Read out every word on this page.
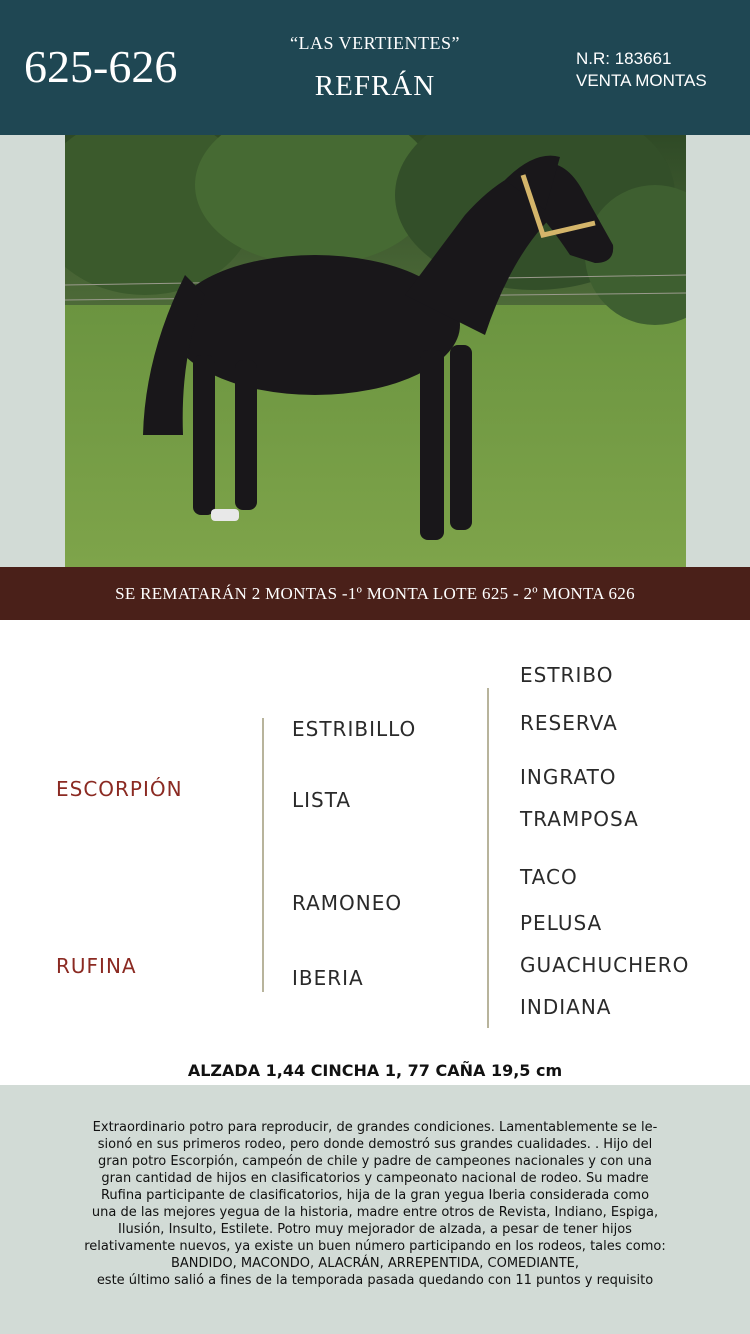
625-626	“LAS VERTIENTES”
REFRÁN
N.R: 183661
VENTA MONTAS
SE REMATARÁN 2 MONTAS -1º MONTA LOTE 625 - 2º MONTA 626
ESCORPIÓN
RUFINA
ESTRIBILLO
LISTA
RAMONEO
IBERIA
ESTRIBO
RESERVA
INGRATO
TRAMPOSA
TACO
PELUSA
GUACHUCHERO
INDIANA
ALZADA 1,44 CINCHA 1, 77 CAÑA 19,5 cm
Extraordinario potro para reproducir, de grandes condiciones. Lamentablemente se le-
sionó en sus primeros rodeo, pero donde demostró sus grandes cualidades. . Hijo del
gran potro Escorpión, campeón de chile y padre de campeones nacionales y con una
gran cantidad de hijos en clasificatorios y campeonato nacional de rodeo. Su madre
Rufina participante de clasificatorios, hija de la gran yegua Iberia considerada como
una de las mejores yegua de la historia, madre entre otros de Revista, Indiano, Espiga,
Ilusión, Insulto, Estilete. Potro muy mejorador de alzada, a pesar de tener hijos
relativamente nuevos, ya existe un buen número participando en los rodeos, tales como:
BANDIDO, MACONDO, ALACRÁN, ARREPENTIDA, COMEDIANTE,
este último salió a fines de la temporada pasada quedando con 11 puntos y requisito
